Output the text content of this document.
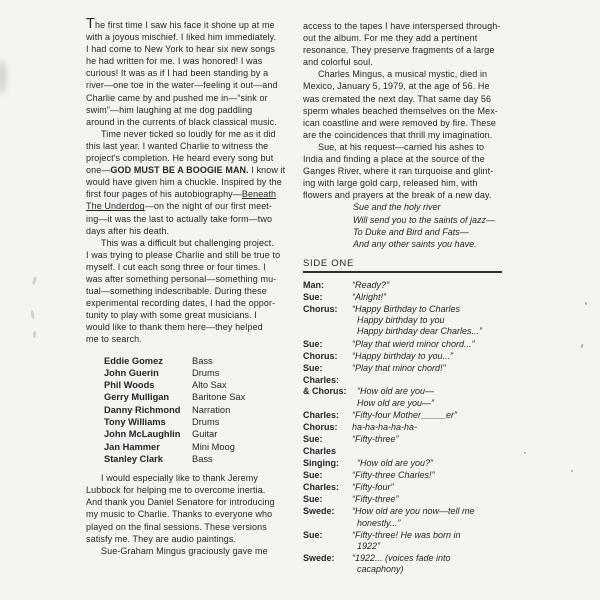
The first time I saw his face it shone up at me
with a joyous mischief. I liked him immediately.
I had come to New York to hear six new songs
he had written for me. I was honored! I was
curious! It was as if I had been standing by a
river—one toe in the water—feeling it out—and
Charlie came by and pushed me in—“sink or
swim”—him laughing at me dog paddling
around in the currents of black classical music.

Time never ticked so loudly for me as it did
this last year. I wanted Charlie to witness the
project's completion. He heard every song but
one—GOD MUST BE A BOOGIE MAN. I know it
would have given him a chuckle. Inspired by the
first four pages of his autobiography—Beneath
The Underdog—on the night of our first meet-
ing—it was the last to actually take form—two
days after his death.

This was a difficult but challenging project.
I was trying to please Charlie and still be true to
myself. I cut each song three or four times. I
was after something personal—something mu-
tual—something indescribable. During these
experimental recording dates, I had the oppor-
tunity to play with some great musicians. I
would like to thank them here—they helped
me to search.

Eddie Gomez	Bass
John Guerin	Drums
Phil Woods	Alto Sax
Gerry Mulligan	Baritone Sax
Danny Richmond	Narration
Tony Williams	Drums
John McLaughlin	Guitar
Jan Hammer	Mini Moog
Stanley Clark	Bass

I would especially like to thank Jeremy
Lubbock for helping me to overcome inertia.
And thank you Daniel Senatore for introducing
my music to Charlie. Thanks to everyone who
played on the final sessions. These versions
satisfy me. They are audio paintings.

Sue-Graham Mingus graciously gave me

access to the tapes I have interspersed through-
out the album. For me they add a pertinent
resonance. They preserve fragments of a large
and colorful soul.

Charles Mingus, a musical mystic, died in
Mexico, January 5, 1979, at the age of 56. He
was cremated the next day. That same day 56
sperm whales beached themselves on the Mex-
ican coastline and were removed by fire. These
are the coincidences that thrill my imagination.

Sue, at his request—carried his ashes to
India and finding a place at the source of the
Ganges River, where it ran turquoise and glint-
ing with large gold carp, released him, with
flowers and prayers at the break of a new day.

Sue and the holy river
Will send you to the saints of jazz—
To Duke and Bird and Fats—
And any other saints you have.

SIDE ONE
Man:	“Ready?”
Sue:	“Alright!”
Chorus:	“Happy Birthday to Charles
Happy birthday to you
Happy birthday dear Charles...”
Sue:	“Play that wierd minor chord...”
Chorus:	“Happy birthday to you...”
Sue:	“Play that minor chord!”
Charles:
& Chorus:	“How old are you—
How old are you—”
Charles:	“Fifty-four Mother_____er”
Chorus:	ha-ha-ha-ha-ha-
Sue:	“Fifty-three”
Charles
Singing:	“How old are you?”
Sue:	“Fifty-three Charles!”
Charles:	“Fifty-four”
Sue:	“Fifty-three”
Swede:	“How old are you now—tell me
honestly...”
Sue:	“Fifty-three! He was born in
1922”
Swede:	“1922... (voices fade into
cacaphony)
